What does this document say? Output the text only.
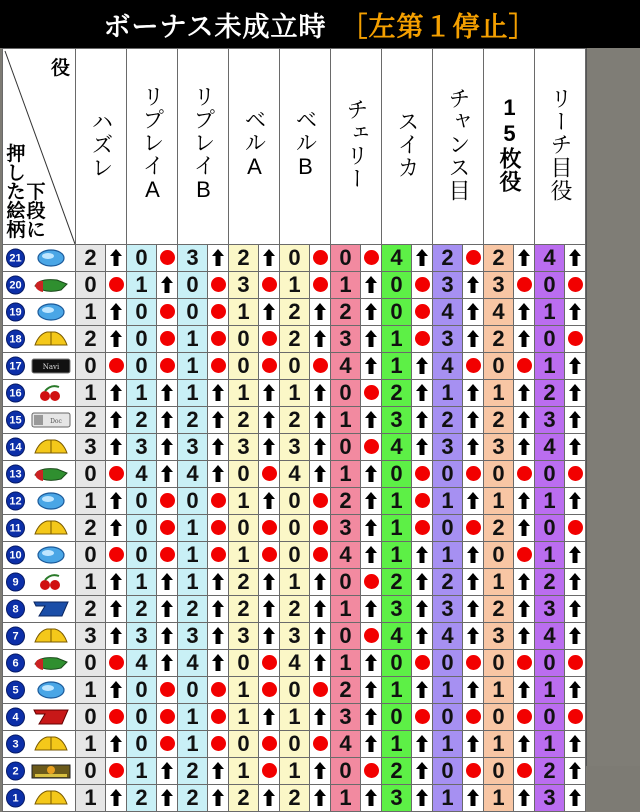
ボーナス未成立時 ［左第１停止］
役
押
し
た
絵
柄
下
段
に
	ハズレ	リプレイA	リプレイB	ベルA	ベルB	チェリー	スイカ	チャンス目	15枚役	リーチ目役

21	2		0		3		2		0		0		4		2		2		4	

20	0		1		0		3		1		1		0		3		3		0	

19	1		0		0		1		2		2		0		4		4		1	

18	2		0		1		0		2		3		1		3		2		0	

17 Navi	0		0		1		0		0		4		1		4		0		1	

16	1		1		1		1		1		0		2		1		1		2	

15 Doc	2		2		2		2		2		1		3		2		2		3	

14	3		3		3		3		3		0		4		3		3		4	

13	0		4		4		0		4		1		0		0		0		0	

12	1		0		0		1		0		2		1		1		1		1	

11	2		0		1		0		0		3		1		0		2		0	

10	0		0		1		1		0		4		1		1		0		1	

9	1		1		1		2		1		0		2		2		1		2	

8	2		2		2		2		2		1		3		3		2		3	

7	3		3		3		3		3		0		4		4		3		4	

6	0		4		4		0		4		1		0		0		0		0	

5	1		0		0		1		0		2		1		1		1		1	

4	0		0		1		1		1		3		0		0		0		0	

3	1		0		1		0		0		4		1		1		1		1	

2	0		1		2		1		1		0		2		0		0		2	

1	1		2		2		2		2		1		3		1		1		3	
